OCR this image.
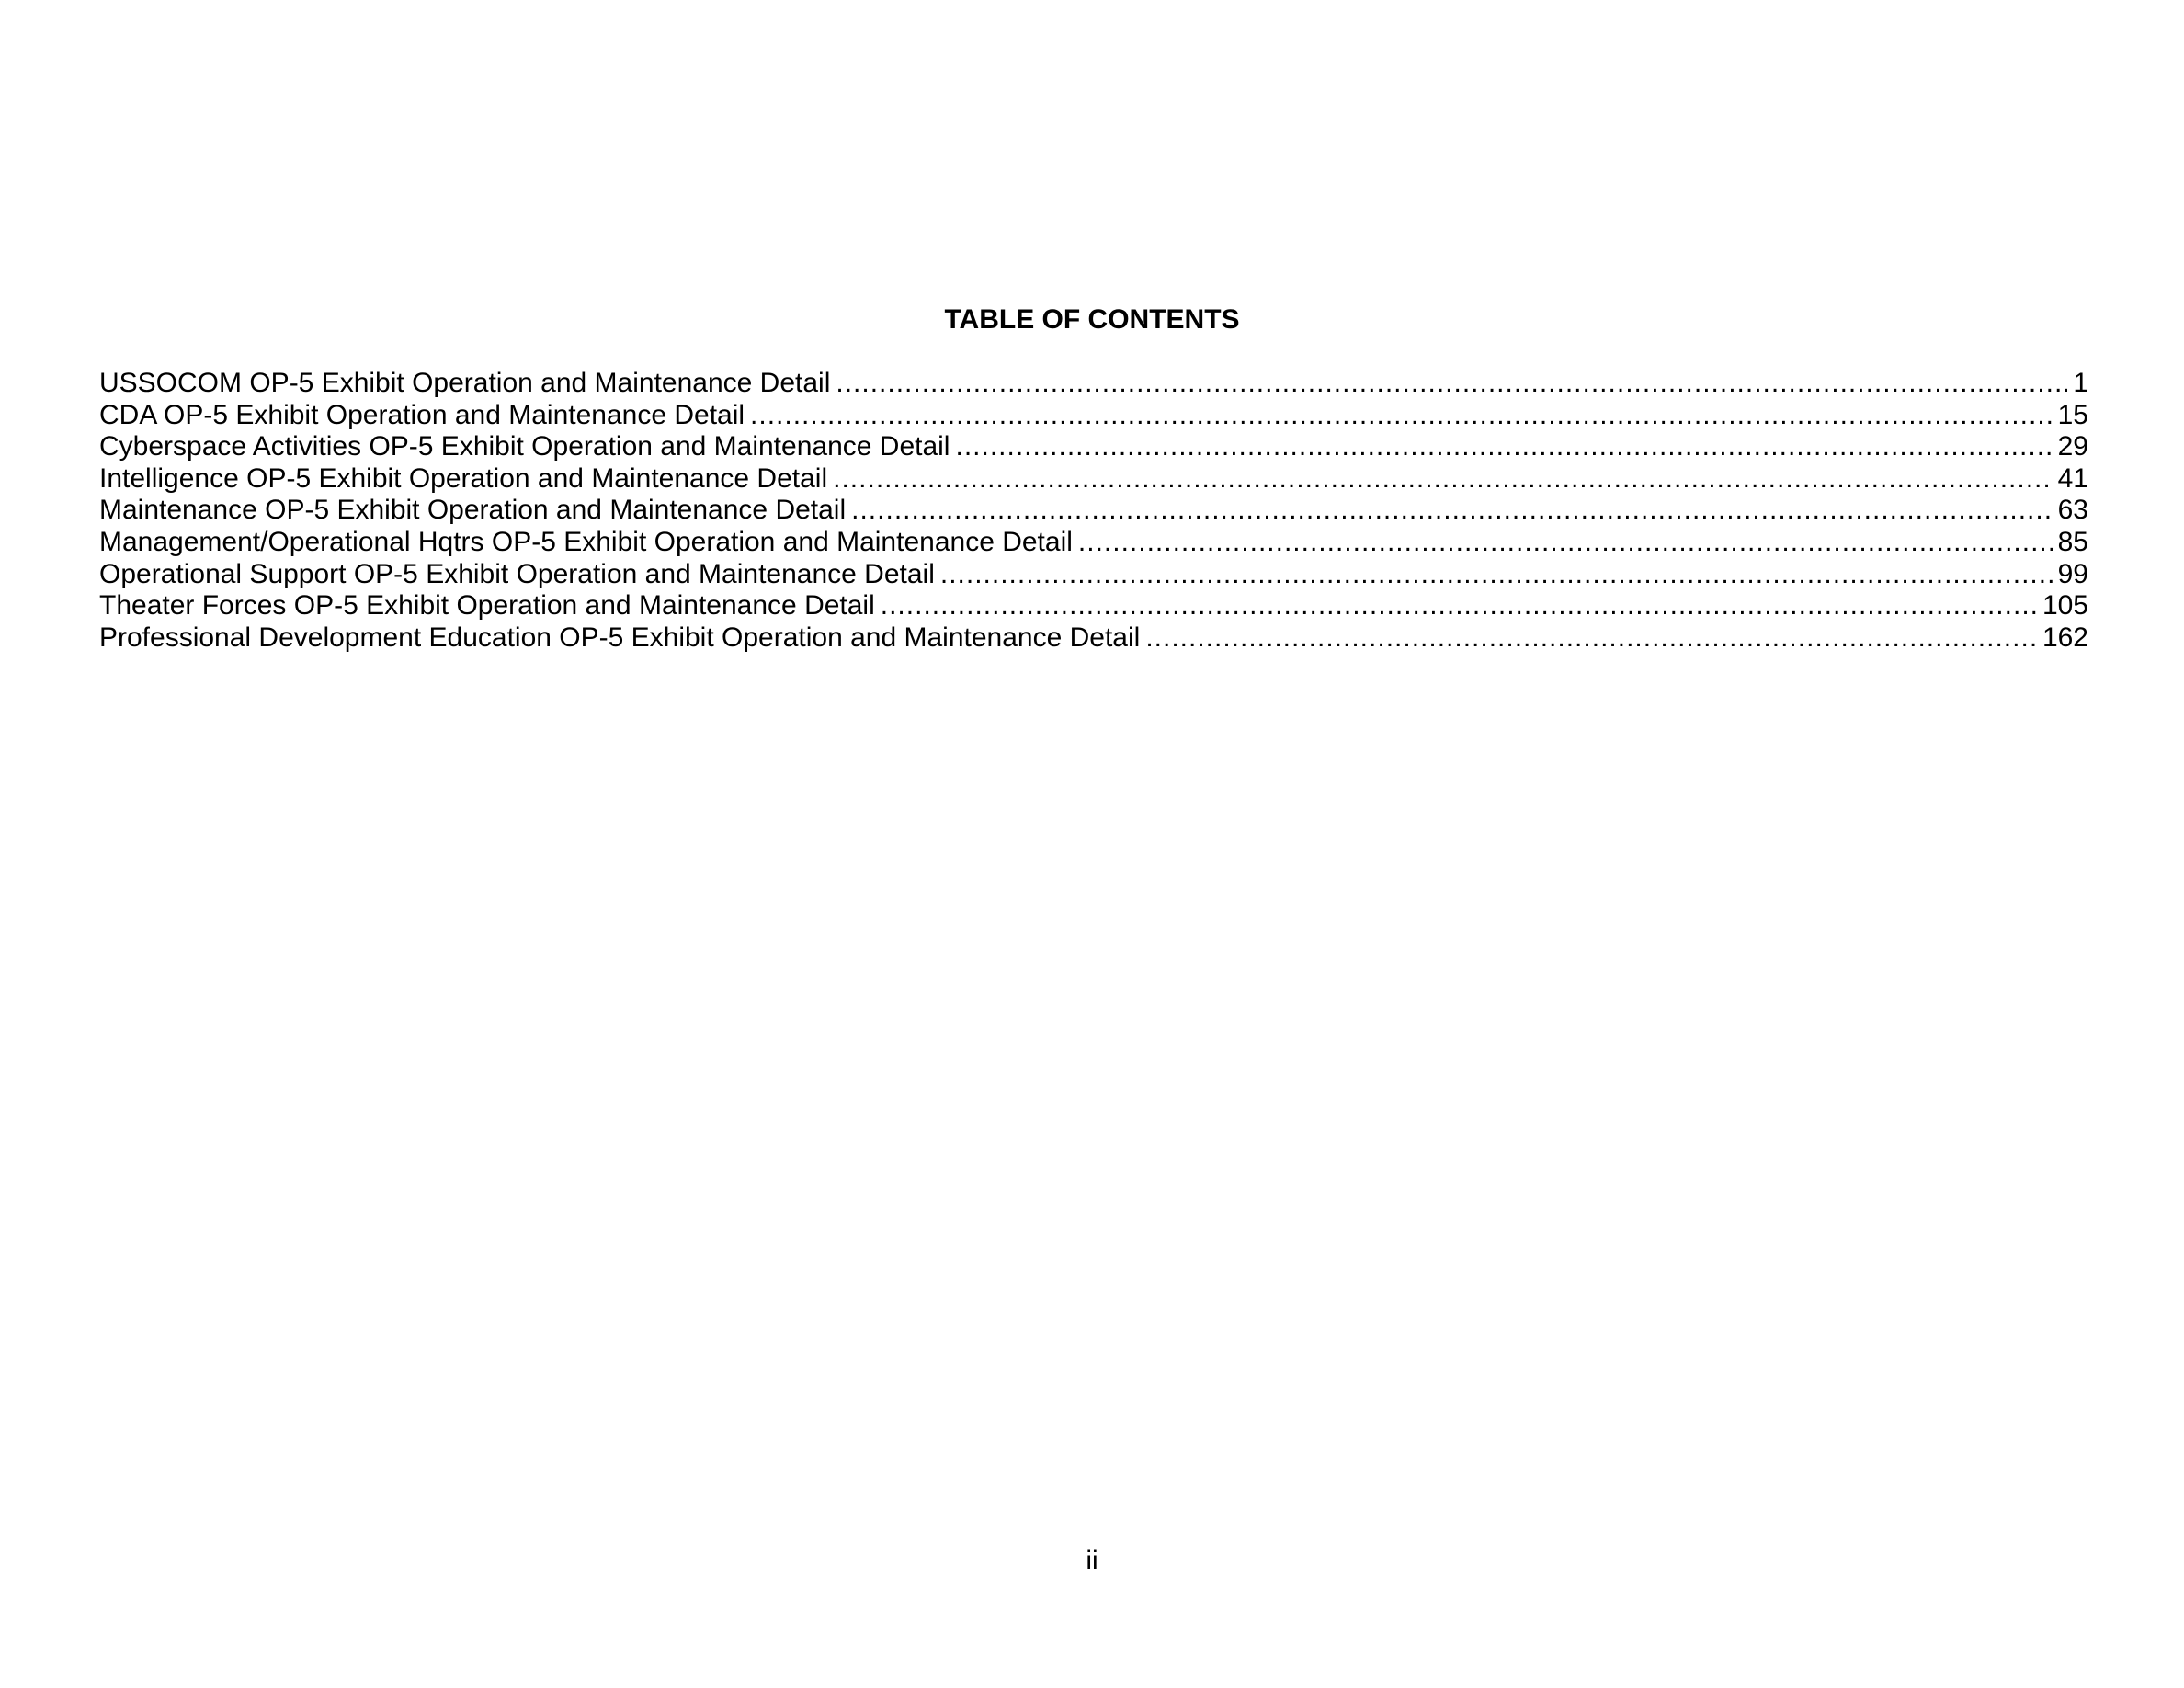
TABLE OF CONTENTS
USSOCOM OP-5 Exhibit Operation and Maintenance Detail .....	1
CDA OP-5 Exhibit Operation and Maintenance Detail .....	15
Cyberspace Activities OP-5 Exhibit Operation and Maintenance Detail .....	29
Intelligence OP-5 Exhibit Operation and Maintenance Detail .....	41
Maintenance OP-5 Exhibit Operation and Maintenance Detail .....	63
Management/Operational Hqtrs OP-5 Exhibit Operation and Maintenance Detail .....	85
Operational Support OP-5 Exhibit Operation and Maintenance Detail .....	99
Theater Forces OP-5 Exhibit Operation and Maintenance Detail .....	105
Professional Development Education OP-5 Exhibit Operation and Maintenance Detail .....	162
ii
